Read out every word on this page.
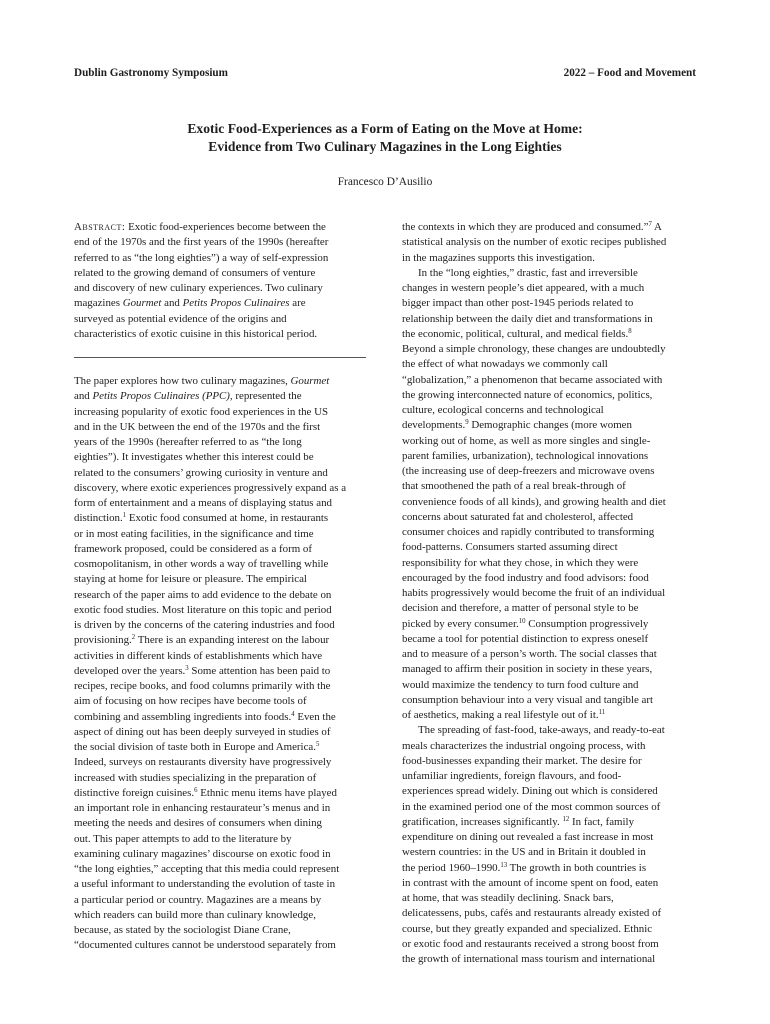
Dublin Gastronomy Symposium	2022 – Food and Movement
Exotic Food-Experiences as a Form of Eating on the Move at Home:
Evidence from Two Culinary Magazines in the Long Eighties
Francesco D’Ausilio
Abstract: Exotic food-experiences become between the
end of the 1970s and the first years of the 1990s (hereafter
referred to as “the long eighties”) a way of self-expression
related to the growing demand of consumers of venture
and discovery of new culinary experiences. Two culinary
magazines Gourmet and Petits Propos Culinaires are
surveyed as potential evidence of the origins and
characteristics of exotic cuisine in this historical period.
The paper explores how two culinary magazines, Gourmet
and Petits Propos Culinaires (PPC), represented the
increasing popularity of exotic food experiences in the US
and in the UK between the end of the 1970s and the first
years of the 1990s (hereafter referred to as “the long
eighties”). It investigates whether this interest could be
related to the consumers’ growing curiosity in venture and
discovery, where exotic experiences progressively expand as a
form of entertainment and a means of displaying status and
distinction.$^1$ Exotic food consumed at home, in restaurants
or in most eating facilities, in the significance and time
framework proposed, could be considered as a form of
cosmopolitanism, in other words a way of travelling while
staying at home for leisure or pleasure. The empirical
research of the paper aims to add evidence to the debate on
exotic food studies. Most literature on this topic and period
is driven by the concerns of the catering industries and food
provisioning.$^2$ There is an expanding interest on the labour
activities in different kinds of establishments which have
developed over the years.$^3$ Some attention has been paid to
recipes, recipe books, and food columns primarily with the
aim of focusing on how recipes have become tools of
combining and assembling ingredients into foods.$^4$ Even the
aspect of dining out has been deeply surveyed in studies of
the social division of taste both in Europe and America.$^5$
Indeed, surveys on restaurants diversity have progressively
increased with studies specializing in the preparation of
distinctive foreign cuisines.$^6$ Ethnic menu items have played
an important role in enhancing restaurateur’s menus and in
meeting the needs and desires of consumers when dining
out. This paper attempts to add to the literature by
examining culinary magazines’ discourse on exotic food in
“the long eighties,” accepting that this media could represent
a useful informant to understanding the evolution of taste in
a particular period or country. Magazines are a means by
which readers can build more than culinary knowledge,
because, as stated by the sociologist Diane Crane,
“documented cultures cannot be understood separately from
the contexts in which they are produced and consumed.”$^7$ A
statistical analysis on the number of exotic recipes published
in the magazines supports this investigation.
In the “long eighties,” drastic, fast and irreversible
changes in western people’s diet appeared, with a much
bigger impact than other post-1945 periods related to
relationship between the daily diet and transformations in
the economic, political, cultural, and medical fields.$^8$
Beyond a simple chronology, these changes are undoubtedly
the effect of what nowadays we commonly call
“globalization,” a phenomenon that became associated with
the growing interconnected nature of economics, politics,
culture, ecological concerns and technological
developments.$^9$ Demographic changes (more women
working out of home, as well as more singles and single-
parent families, urbanization), technological innovations
(the increasing use of deep-freezers and microwave ovens
that smoothened the path of a real break-through of
convenience foods of all kinds), and growing health and diet
concerns about saturated fat and cholesterol, affected
consumer choices and rapidly contributed to transforming
food-patterns. Consumers started assuming direct
responsibility for what they chose, in which they were
encouraged by the food industry and food advisors: food
habits progressively would become the fruit of an individual
decision and therefore, a matter of personal style to be
picked by every consumer.$^{10}$ Consumption progressively
became a tool for potential distinction to express oneself
and to measure of a person’s worth. The social classes that
managed to affirm their position in society in these years,
would maximize the tendency to turn food culture and
consumption behaviour into a very visual and tangible art
of aesthetics, making a real lifestyle out of it.$^{11}$
The spreading of fast-food, take-aways, and ready-to-eat
meals characterizes the industrial ongoing process, with
food-businesses expanding their market. The desire for
unfamiliar ingredients, foreign flavours, and food-
experiences spread widely. Dining out which is considered
in the examined period one of the most common sources of
gratification, increases significantly. $^{12}$ In fact, family
expenditure on dining out revealed a fast increase in most
western countries: in the US and in Britain it doubled in
the period 1960–1990.13 The growth in both countries is
in contrast with the amount of income spent on food, eaten
at home, that was steadily declining. Snack bars,
delicatessens, pubs, cafés and restaurants already existed of
course, but they greatly expanded and specialized. Ethnic
or exotic food and restaurants received a strong boost from
the growth of international mass tourism and international
